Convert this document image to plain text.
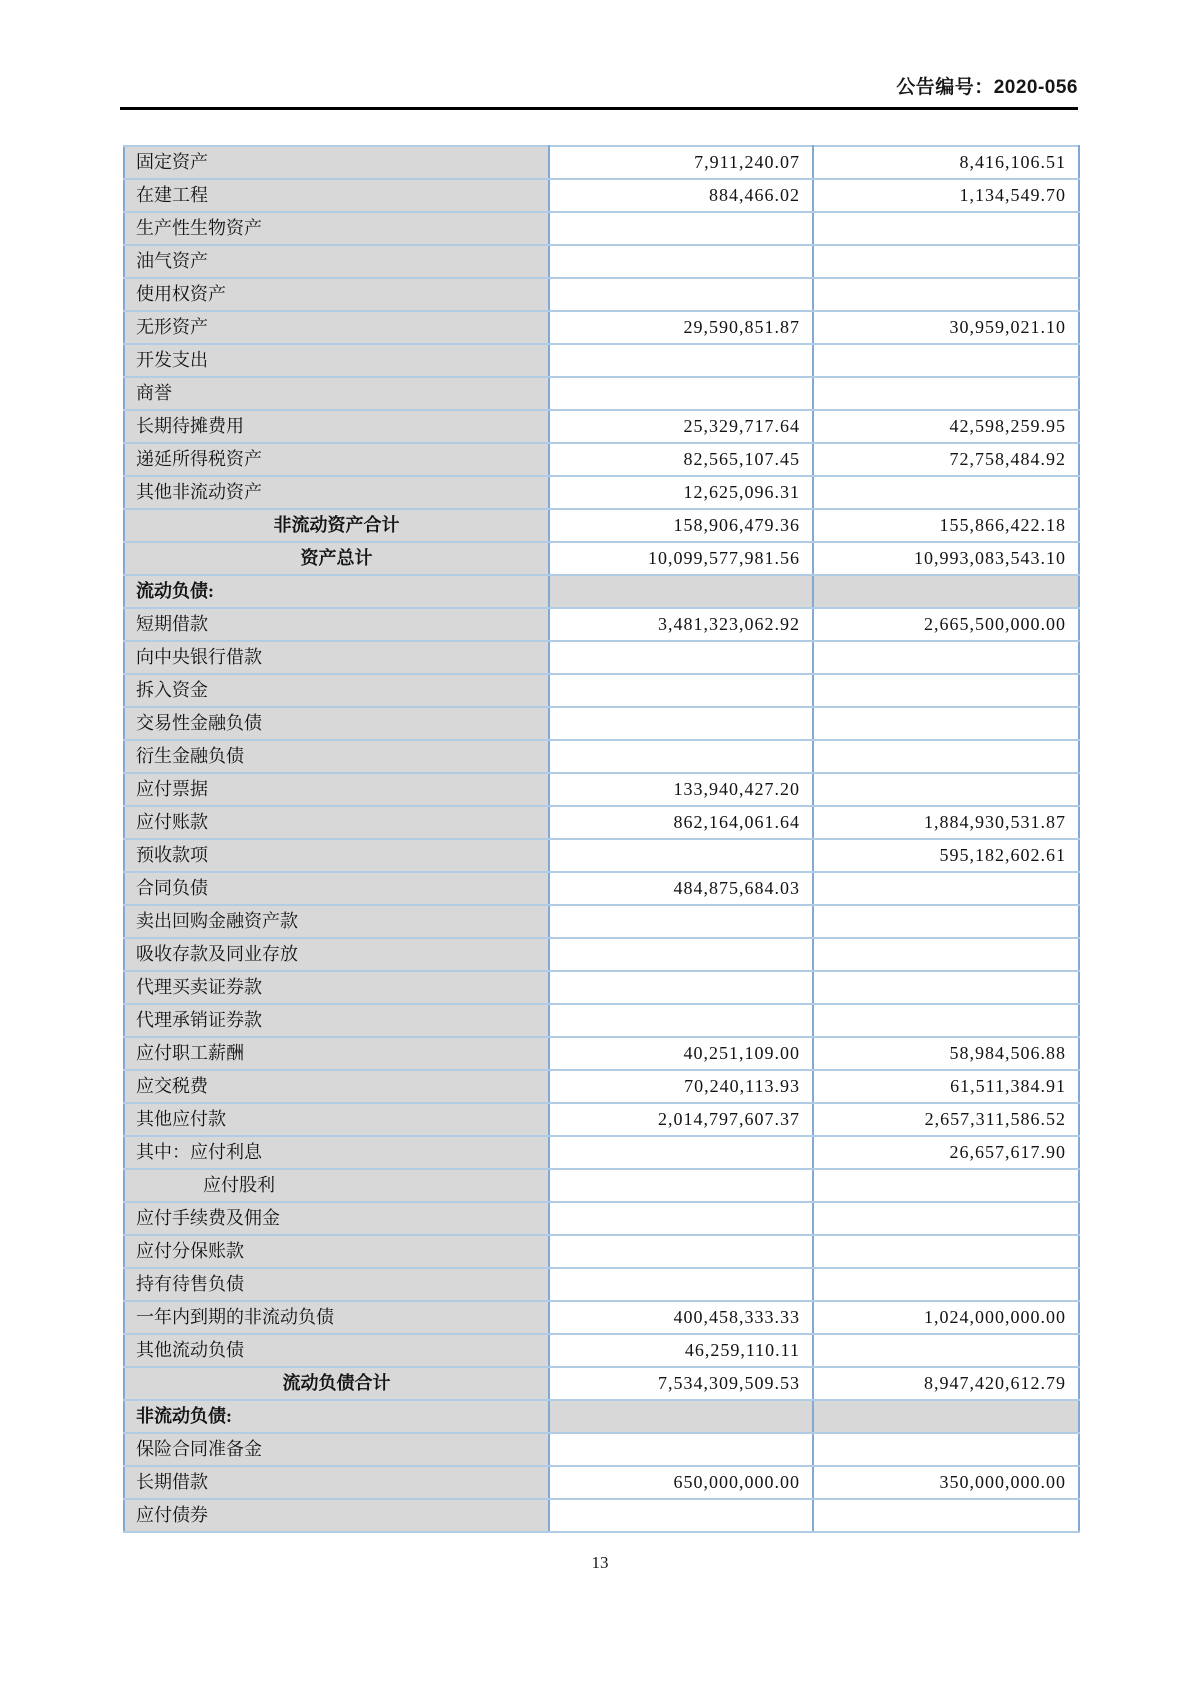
公告编号：2020-056
固定资产	7,911,240.07	8,416,106.51
在建工程	884,466.02	1,134,549.70
生产性生物资产		
油气资产		
使用权资产		
无形资产	29,590,851.87	30,959,021.10
开发支出		
商誉		
长期待摊费用	25,329,717.64	42,598,259.95
递延所得税资产	82,565,107.45	72,758,484.92
其他非流动资产	12,625,096.31	
非流动资产合计	158,906,479.36	155,866,422.18
资产总计	10,099,577,981.56	10,993,083,543.10
流动负债:		
短期借款	3,481,323,062.92	2,665,500,000.00
向中央银行借款		
拆入资金		
交易性金融负债		
衍生金融负债		
应付票据	133,940,427.20	
应付账款	862,164,061.64	1,884,930,531.87
预收款项		595,182,602.61
合同负债	484,875,684.03	
卖出回购金融资产款		
吸收存款及同业存放		
代理买卖证券款		
代理承销证券款		
应付职工薪酬	40,251,109.00	58,984,506.88
应交税费	70,240,113.93	61,511,384.91
其他应付款	2,014,797,607.37	2,657,311,586.52
其中：应付利息		26,657,617.90
应付股利		
应付手续费及佣金		
应付分保账款		
持有待售负债		
一年内到期的非流动负债	400,458,333.33	1,024,000,000.00
其他流动负债	46,259,110.11	
流动负债合计	7,534,309,509.53	8,947,420,612.79
非流动负债:		
保险合同准备金		
长期借款	650,000,000.00	350,000,000.00
应付债券		
13
